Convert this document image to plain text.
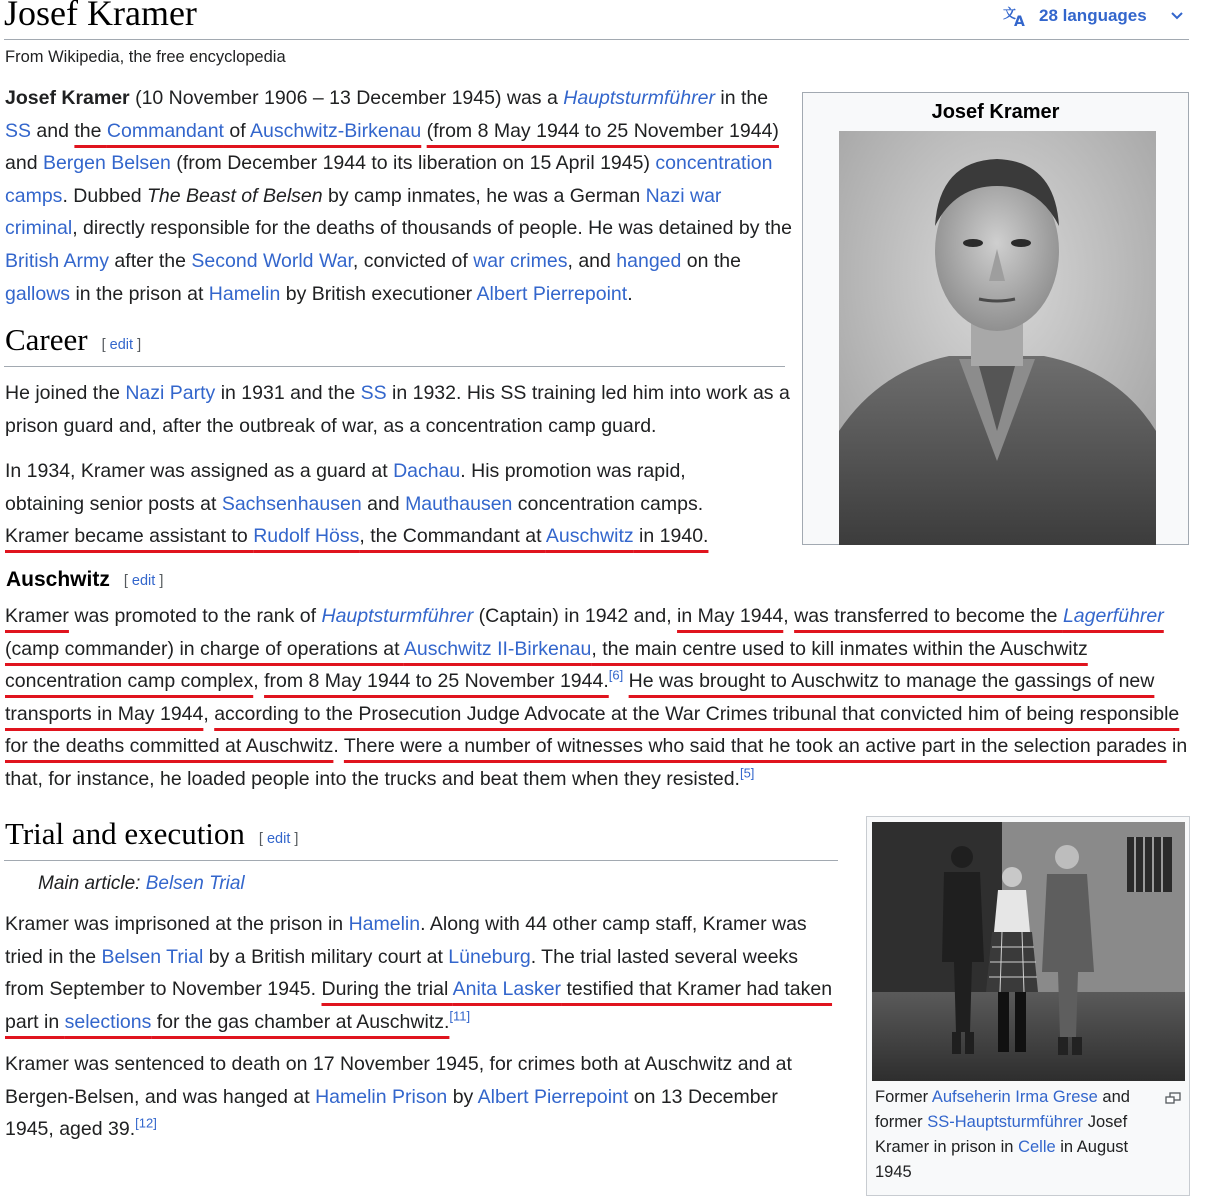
Josef Kramer	文
A 28 languages
From Wikipedia, the free encyclopedia
Josef Kramer

Josef Kramer (10 November 1906 – 13 December 1945) was a Hauptsturmführer in the SS and the Commandant of Auschwitz-Birkenau (from 8 May 1944 to 25 November 1944) and Bergen Belsen (from December 1944 to its liberation on 15 April 1945) concentration camps. Dubbed The Beast of Belsen by camp inmates, he was a German Nazi war criminal, directly responsible for the deaths of thousands of people. He was detained by the British Army after the Second World War, convicted of war crimes, and hanged on the gallows in the prison at Hamelin by British executioner Albert Pierrepoint.

Career [ edit ]

He joined the Nazi Party in 1931 and the SS in 1932. His SS training led him into work as a prison guard and, after the outbreak of war, as a concentration camp guard.

In 1934, Kramer was assigned as a guard at Dachau. His promotion was rapid, obtaining senior posts at Sachsenhausen and Mauthausen concentration camps. Kramer became assistant to Rudolf Höss, the Commandant at Auschwitz in 1940.

Auschwitz [ edit ]

Kramer was promoted to the rank of Hauptsturmführer (Captain) in 1942 and, in May 1944, was transferred to become the Lagerführer (camp commander) in charge of operations at Auschwitz II-Birkenau, the main centre used to kill inmates within the Auschwitz concentration camp complex, from 8 May 1944 to 25 November 1944.[6] He was brought to Auschwitz to manage the gassings of new transports in May 1944, according to the Prosecution Judge Advocate at the War Crimes tribunal that convicted him of being responsible for the deaths committed at Auschwitz. There were a number of witnesses who said that he took an active part in the selection parades in that, for instance, he loaded people into the trucks and beat them when they resisted.[5]

Trial and execution [ edit ]
Main article: Belsen Trial

Kramer was imprisoned at the prison in Hamelin. Along with 44 other camp staff, Kramer was tried in the Belsen Trial by a British military court at Lüneburg. The trial lasted several weeks from September to November 1945. During the trial Anita Lasker testified that Kramer had taken part in selections for the gas chamber at Auschwitz.[11]

Kramer was sentenced to death on 17 November 1945, for crimes both at Auschwitz and at Bergen-Belsen, and was hanged at Hamelin Prison by Albert Pierrepoint on 13 December 1945, aged 39.[12]

Former Aufseherin Irma Grese and former SS-Hauptsturmführer Josef Kramer in prison in Celle in August 1945
